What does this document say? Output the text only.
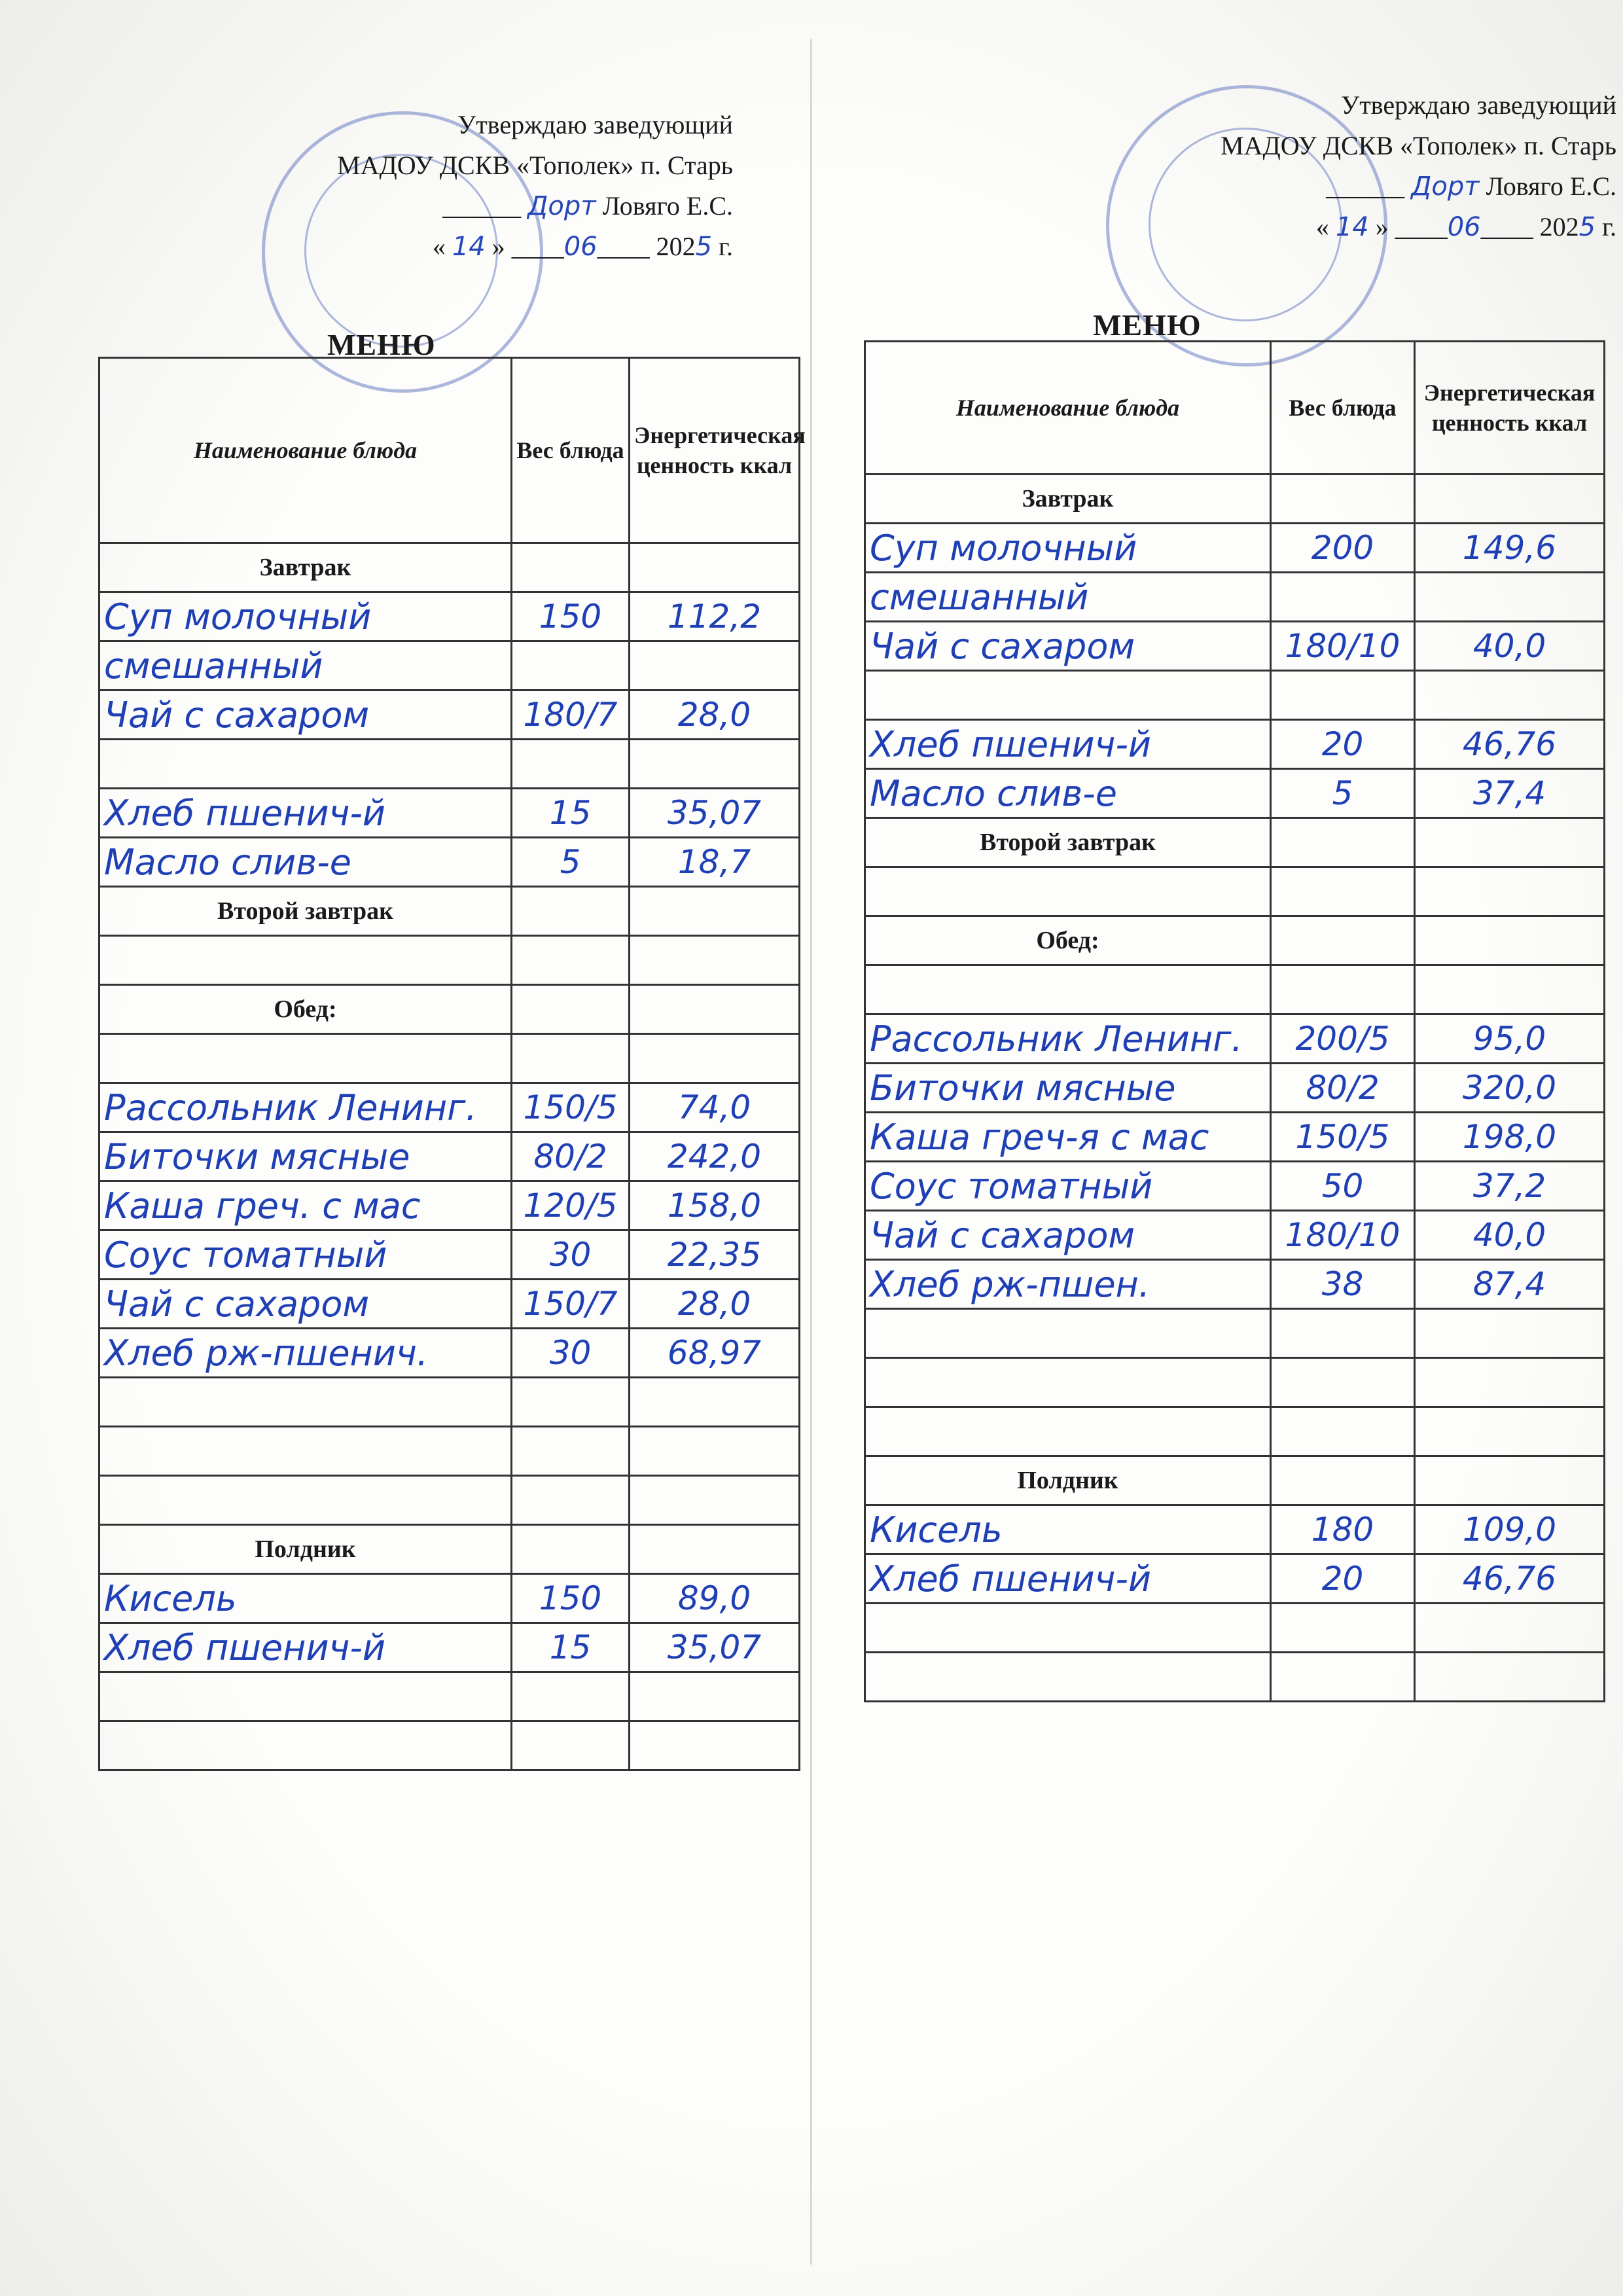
Утверждаю заведующий
МАДОУ ДСКВ «Тополек» п. Старь
______ Дорт Ловяго Е.С.
« 14 » ____06____ 2025 г.
МЕНЮ
Наименование блюда	Вес блюда	Энергетическая ценность ккал
Завтрак		
Суп молочный	150	112,2
смешанный		
Чай с сахаром	180/7	28,0

Хлеб пшенич-й	15	35,07
Масло слив-е	5	18,7
Второй завтрак		

Обед:		

Рассольник Ленинг.	150/5	74,0
Биточки мясные	80/2	242,0
Каша греч. с мас	120/5	158,0
Соус томатный	30	22,35
Чай с сахаром	150/7	28,0
Хлеб рж-пшенич.	30	68,97

Полдник		
Кисель	150	89,0
Хлеб пшенич-й	15	35,07

Утверждаю заведующий
МАДОУ ДСКВ «Тополек» п. Старь
______ Дорт Ловяго Е.С.
« 14 » ____06____ 2025 г.
МЕНЮ
Наименование блюда	Вес блюда	Энергетическая ценность ккал
Завтрак		
Суп молочный	200	149,6
смешанный		
Чай с сахаром	180/10	40,0

Хлеб пшенич-й	20	46,76
Масло слив-е	5	37,4
Второй завтрак		

Обед:		

Рассольник Ленинг.	200/5	95,0
Биточки мясные	80/2	320,0
Каша греч-я с мас	150/5	198,0
Соус томатный	50	37,2
Чай с сахаром	180/10	40,0
Хлеб рж-пшен.	38	87,4

Полдник		
Кисель	180	109,0
Хлеб пшенич-й	20	46,76
